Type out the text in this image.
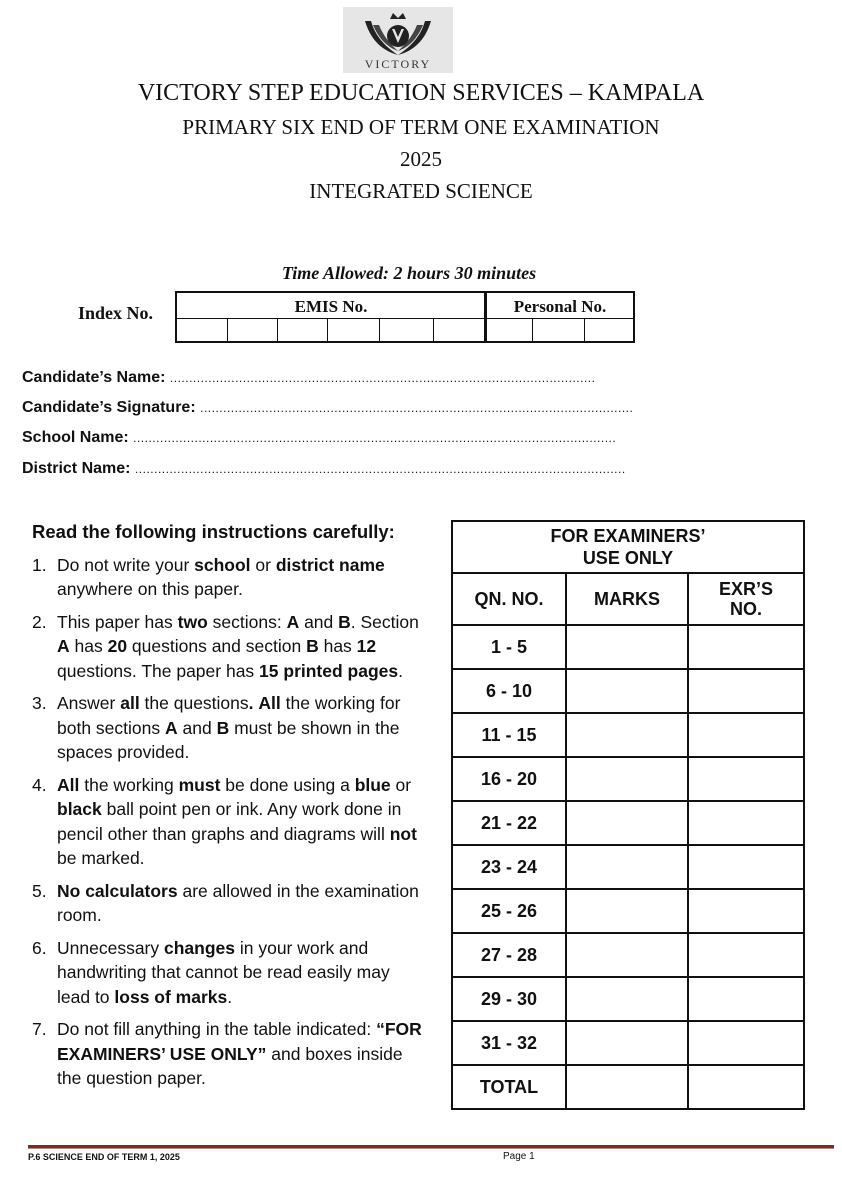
VICTORY
VICTORY STEP EDUCATION SERVICES – KAMPALA
PRIMARY SIX END OF TERM ONE EXAMINATION
2025
INTEGRATED SCIENCE
Time Allowed: 2 hours 30 minutes
Index No.	EMIS No.	Personal No.
Candidate’s Name: ...............................................................................................................
Candidate’s Signature: .................................................................................................................
School Name: ..............................................................................................................................
District Name: ................................................................................................................................
Read the following instructions carefully:
1. Do not write your school or district name anywhere on this paper.
2. This paper has two sections: A and B. Section A has 20 questions and section B has 12 questions. The paper has 15 printed pages.
3. Answer all the questions. All the working for both sections A and B must be shown in the spaces provided.
4. All the working must be done using a blue or black ball point pen or ink. Any work done in pencil other than graphs and diagrams will not be marked.
5. No calculators are allowed in the examination room.
6. Unnecessary changes in your work and handwriting that cannot be read easily may lead to loss of marks.
7. Do not fill anything in the table indicated: “FOR EXAMINERS’ USE ONLY” and boxes inside the question paper.
FOR EXAMINERS’
USE ONLY		

QN. NO.	MARKS	EXR’S
NO.

1 - 5		
6 - 10		
11 - 15		
16 - 20		
21 - 22		
23 - 24		
25 - 26		
27 - 28		
29 - 30		
31 - 32		
TOTAL		
P.6 SCIENCE END OF TERM 1, 2025	Page 1
